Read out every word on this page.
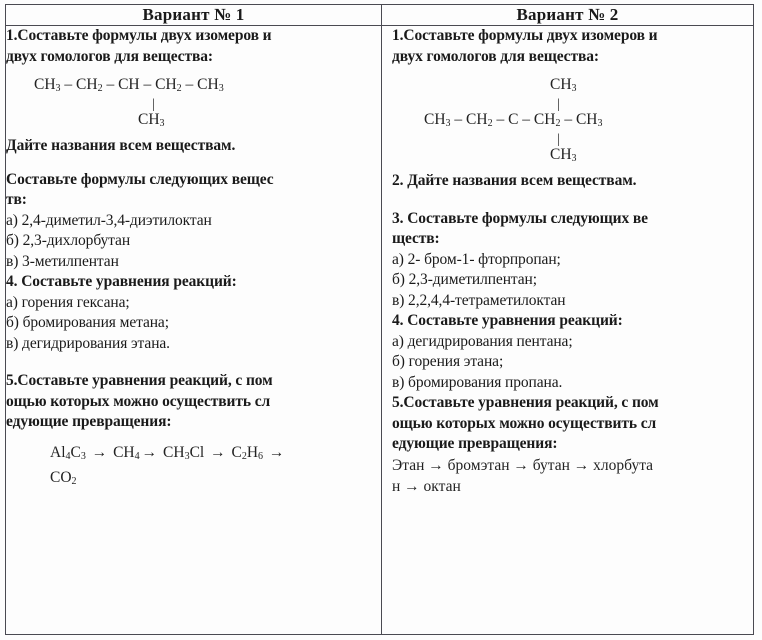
Вариант № 1	Вариант № 2

1.Составьте формулы двух изомеров и
двух гомологов для вещества:
$CH_3 - CH_2$ – CH – $CH_2 - CH_3$
|
$CH_3$
Дайте названия всем веществам.
Составьте формулы следующих вещес
тв:
а) 2,4-диметил-3,4-диэтилоктан
б) 2,3-дихлорбутан
в) 3-метилпентан
4. Составьте уравнения реакций:
а) горения гексана;
б) бромирования метана;
в) дегидрирования этана.
5.Составьте уравнения реакций, с пом
ощью которых можно осуществить сл
едующие превращения:
$Al_4C_3 \to CH_4 \to CH_3Cl \to C_2H_6$ →
$CO_2$

1.Составьте формулы двух изомеров и
двух гомологов для вещества:
$CH_3$
|
$CH_3 - CH_2$ – C – $CH_2 - CH_3$
|
$CH_3$
2. Дайте названия всем веществам.
3. Составьте формулы следующих ве
ществ:
а) 2- бром-1- фторпропан;
б) 2,3-диметилпентан;
в) 2,2,4,4-тетраметилоктан
4. Составьте уравнения реакций:
а) дегидрирования пентана;
б) горения этана;
в) бромирования пропана.
5.Составьте уравнения реакций, с пом
ощью которых можно осуществить сл
едующие превращения:
Этан → бромэтан → бутан → хлорбута
н → октан
